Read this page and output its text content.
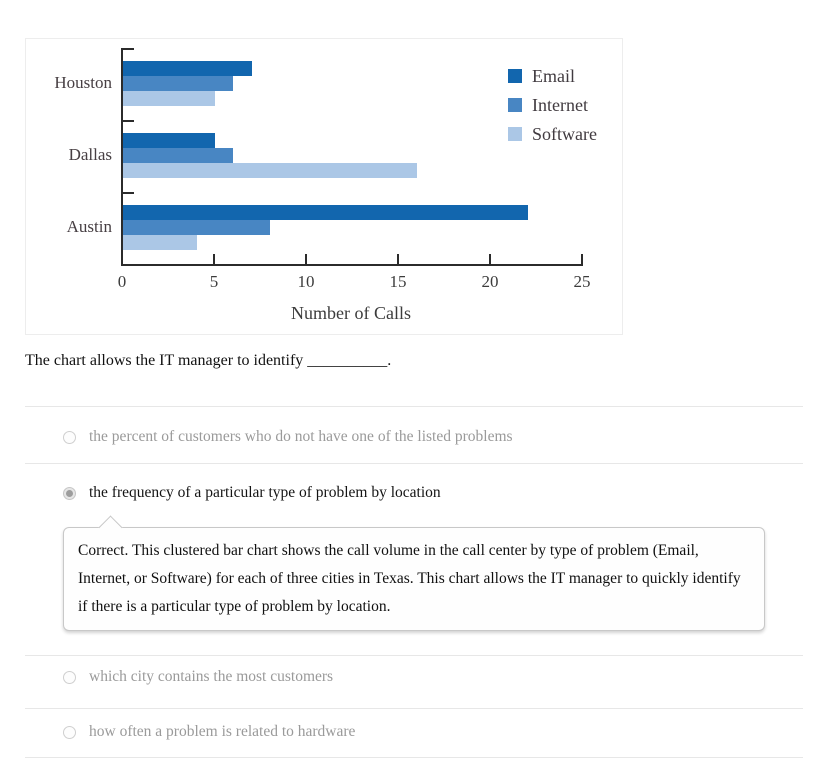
Houston
Dallas
Austin
0	5	10	15	20	25
Number of Calls
Email
Internet
Software
The chart allows the IT manager to identify __________.
the percent of customers who do not have one of the listed problems
the frequency of a particular type of problem by location
Correct. This clustered bar chart shows the call volume in the call center by type of problem (Email, Internet, or Software) for each of three cities in Texas. This chart allows the IT manager to quickly identify if there is a particular type of problem by location.
which city contains the most customers
how often a problem is related to hardware
